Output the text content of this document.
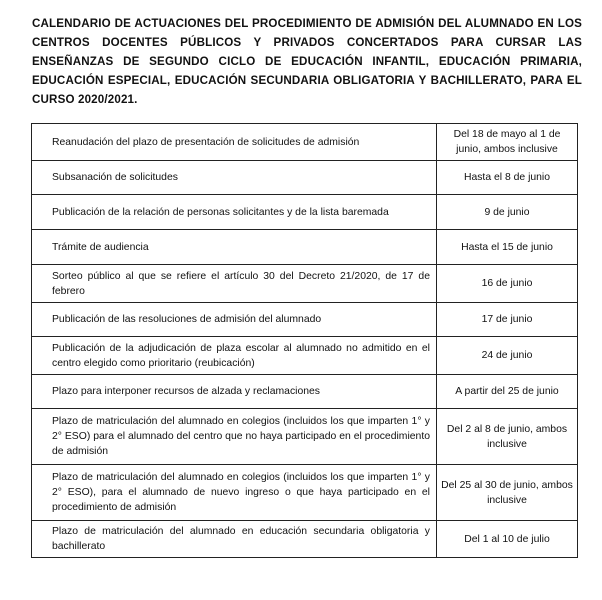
CALENDARIO DE ACTUACIONES DEL PROCEDIMIENTO DE ADMISIÓN DEL ALUMNADO EN LOS CENTROS DOCENTES PÚBLICOS Y PRIVADOS CONCERTADOS PARA CURSAR LAS ENSEÑANZAS DE SEGUNDO CICLO DE EDUCACIÓN INFANTIL, EDUCACIÓN PRIMARIA, EDUCACIÓN ESPECIAL, EDUCACIÓN SECUNDARIA OBLIGATORIA Y BACHILLERATO, PARA EL CURSO 2020/2021.

Reanudación del plazo de presentación de solicitudes de admisión	Del 18 de mayo al 1 de junio, ambos inclusive
Subsanación de solicitudes	Hasta el 8 de junio
Publicación de la relación de personas solicitantes y de la lista baremada	9 de junio
Trámite de audiencia	Hasta el 15 de junio
Sorteo público al que se refiere el artículo 30 del Decreto 21/2020, de 17 de febrero	16 de junio
Publicación de las resoluciones de admisión del alumnado	17 de junio
Publicación de la adjudicación de plaza escolar al alumnado no admitido en el centro elegido como prioritario (reubicación)	24 de junio
Plazo para interponer recursos de alzada y reclamaciones	A partir del 25 de junio
Plazo de matriculación del alumnado en colegios (incluidos los que imparten 1° y 2° ESO) para el alumnado del centro que no haya participado en el procedimiento de admisión	Del 2 al 8 de junio, ambos inclusive
Plazo de matriculación del alumnado en colegios (incluidos los que imparten 1° y 2° ESO), para el alumnado de nuevo ingreso o que haya participado en el procedimiento de admisión	Del 25 al 30 de junio, ambos inclusive
Plazo de matriculación del alumnado en educación secundaria obligatoria y bachillerato	Del 1 al 10 de julio
